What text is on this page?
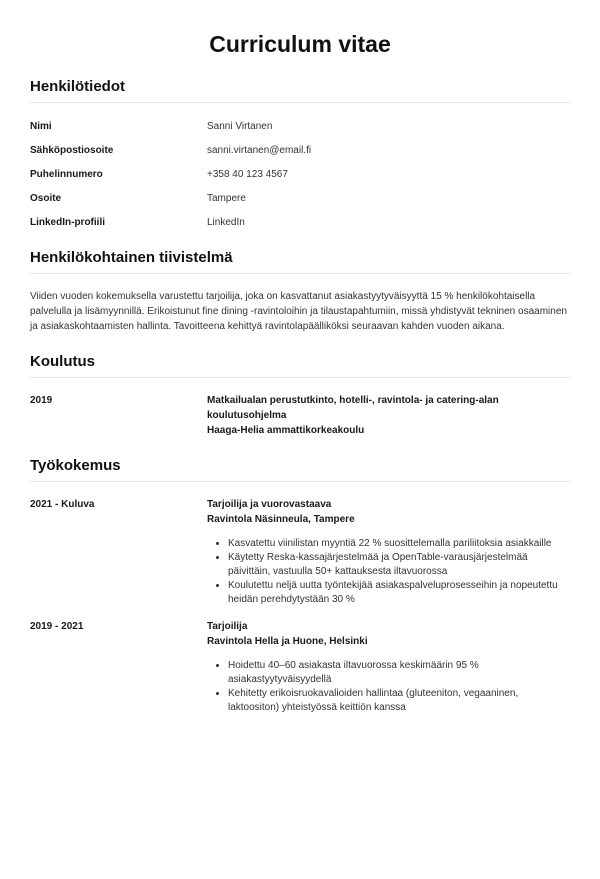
Curriculum vitae
Henkilötiedot
Nimi	Sanni Virtanen
Sähköpostiosoite	sanni.virtanen@email.fi
Puhelinnumero	+358 40 123 4567
Osoite	Tampere
LinkedIn-profiili	LinkedIn
Henkilökohtainen tiivistelmä

Viiden vuoden kokemuksella varustettu tarjoilija, joka on kasvattanut asiakastyytyväisyyttä 15 % henkilökohtaisella palvelulla ja lisämyynnillä. Erikoistunut fine dining -ravintoloihin ja tilaustapahtumiin, missä yhdistyvät tekninen osaaminen ja asiakaskohtaamisten hallinta. Tavoitteena kehittyä ravintolapäälliköksi seuraavan kahden vuoden aikana.

Koulutus
2019	Matkailualan perustutkinto, hotelli-, ravintola- ja catering-alan koulutusohjelma
Haaga-Helia ammattikorkeakoulu
Työkokemus
2021 - Kuluva	Tarjoilija ja vuorovastaava
Ravintola Näsinneula, Tampere
• Kasvatettu viinilistan myyntiä 22 % suosittelemalla pariliitoksia asiakkaille
• Käytetty Reska-kassajärjestelmää ja OpenTable-varausjärjestelmää päivittäin, vastuulla 50+ kattauksesta iltavuorossa
• Koulutettu neljä uutta työntekijää asiakaspalveluprosesseihin ja nopeutettu heidän perehdytystään 30 %
2019 - 2021	Tarjoilija
Ravintola Hella ja Huone, Helsinki
• Hoidettu 40–60 asiakasta iltavuorossa keskimäärin 95 % asiakastyytyväisyydellä
• Kehitetty erikoisruokavalioiden hallintaa (gluteeniton, vegaaninen, laktoositon) yhteistyössä keittiön kanssa
